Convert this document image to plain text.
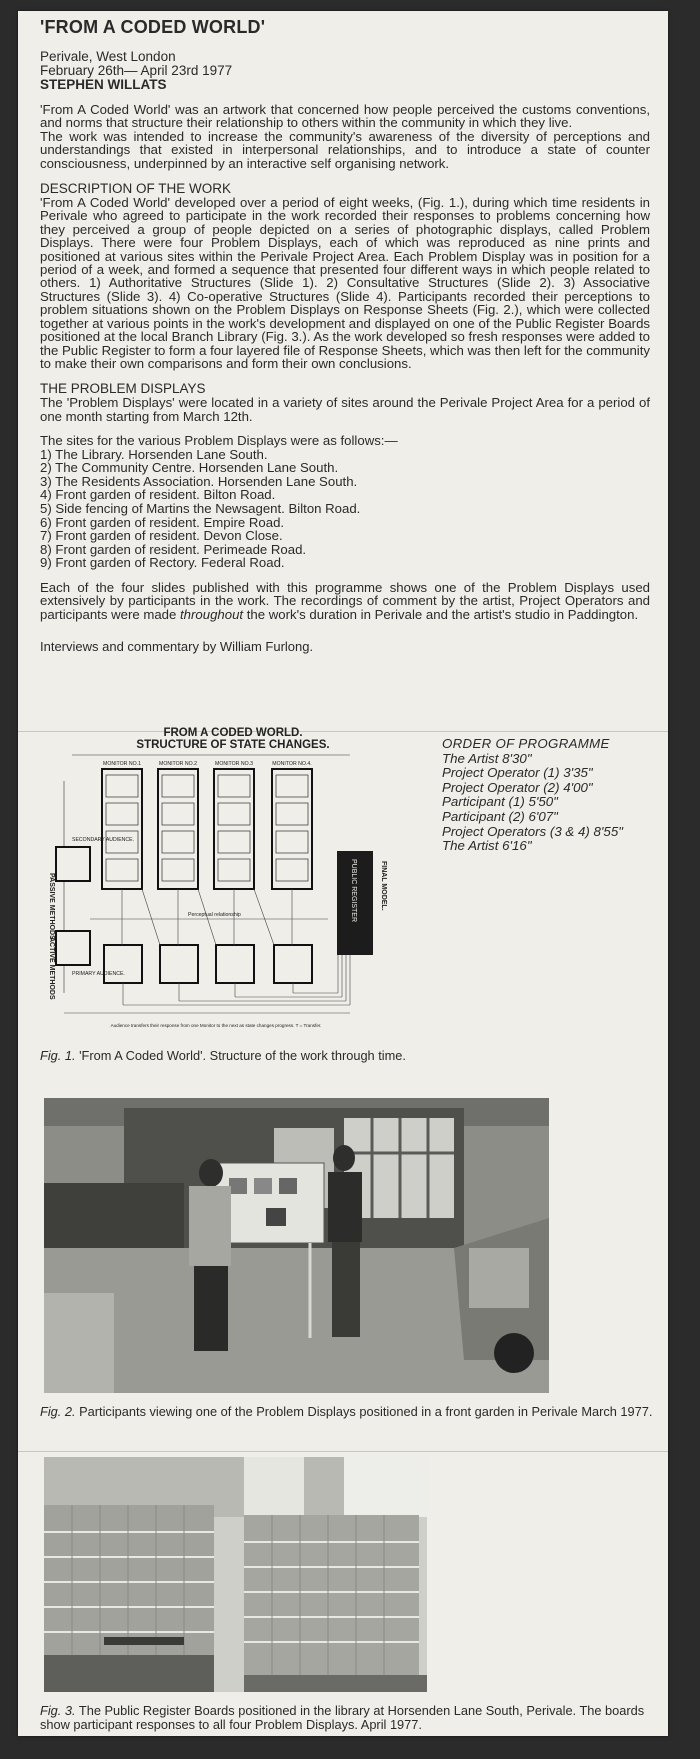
'FROM A CODED WORLD'
Perivale, West London
February 26th— April 23rd 1977
STEPHEN WILLATS

'From A Coded World' was an artwork that concerned how people perceived the customs conventions, and norms that structure their relationship to others within the community in which they live.

The work was intended to increase the community's awareness of the diversity of perceptions and understandings that existed in interpersonal relationships, and to introduce a state of counter consciousness, underpinned by an interactive self organising network.

DESCRIPTION OF THE WORK

'From A Coded World' developed over a period of eight weeks, (Fig. 1.), during which time residents in Perivale who agreed to participate in the work recorded their responses to problems concerning how they perceived a group of people depicted on a series of photographic displays, called Problem Displays. There were four Problem Displays, each of which was reproduced as nine prints and positioned at various sites within the Perivale Project Area. Each Problem Display was in position for a period of a week, and formed a sequence that presented four different ways in which people related to others. 1) Authoritative Structures (Slide 1). 2) Consultative Structures (Slide 2). 3) Associative Structures (Slide 3). 4) Co-operative Structures (Slide 4). Participants recorded their perceptions to problem situations shown on the Problem Displays on Response Sheets (Fig. 2.), which were collected together at various points in the work's development and displayed on one of the Public Register Boards positioned at the local Branch Library (Fig. 3.). As the work developed so fresh responses were added to the Public Register to form a four layered file of Response Sheets, which was then left for the community to make their own comparisons and form their own conclusions.

THE PROBLEM DISPLAYS

The 'Problem Displays' were located in a variety of sites around the Perivale Project Area for a period of one month starting from March 12th.

The sites for the various Problem Displays were as follows:—

1) The Library. Horsenden Lane South.
2) The Community Centre. Horsenden Lane South.
3) The Residents Association. Horsenden Lane South.
4) Front garden of resident. Bilton Road.
5) Side fencing of Martins the Newsagent. Bilton Road.
6) Front garden of resident. Empire Road.
7) Front garden of resident. Devon Close.
8) Front garden of resident. Perimeade Road.
9) Front garden of Rectory. Federal Road.

Each of the four slides published with this programme shows one of the Problem Displays used extensively by participants in the work. The recordings of comment by the artist, Project Operators and participants were made throughout the work's duration in Perivale and the artist's studio in Paddington.

Interviews and commentary by William Furlong.
FROM A CODED WORLD.
STRUCTURE OF STATE CHANGES.
MONITOR NO.1	MONITOR NO.2	MONITOR NO.3	MONITOR NO.4.
PASSIVE METHODS
ACTIVE METHODS
SECONDARY AUDIENCE.
PRIMARY AUDIENCE.
PUBLIC REGISTER	FINAL MODEL.
Perceptual relationship
Audience transfers their response from one Monitor to the next as state changes progress. T = Transfer.
ORDER OF PROGRAMME
The Artist 8'30"
Project Operator (1) 3'35"
Project Operator (2) 4'00"
Participant (1) 5'50"
Participant (2) 6'07"
Project Operators (3 & 4) 8'55"
The Artist 6'16"
Fig. 1. 'From A Coded World'. Structure of the work through time.
Fig. 2. Participants viewing one of the Problem Displays positioned in a front garden in Perivale March 1977.
Fig. 3. The Public Register Boards positioned in the library at Horsenden Lane South, Perivale. The boards show participant responses to all four Problem Displays. April 1977.
